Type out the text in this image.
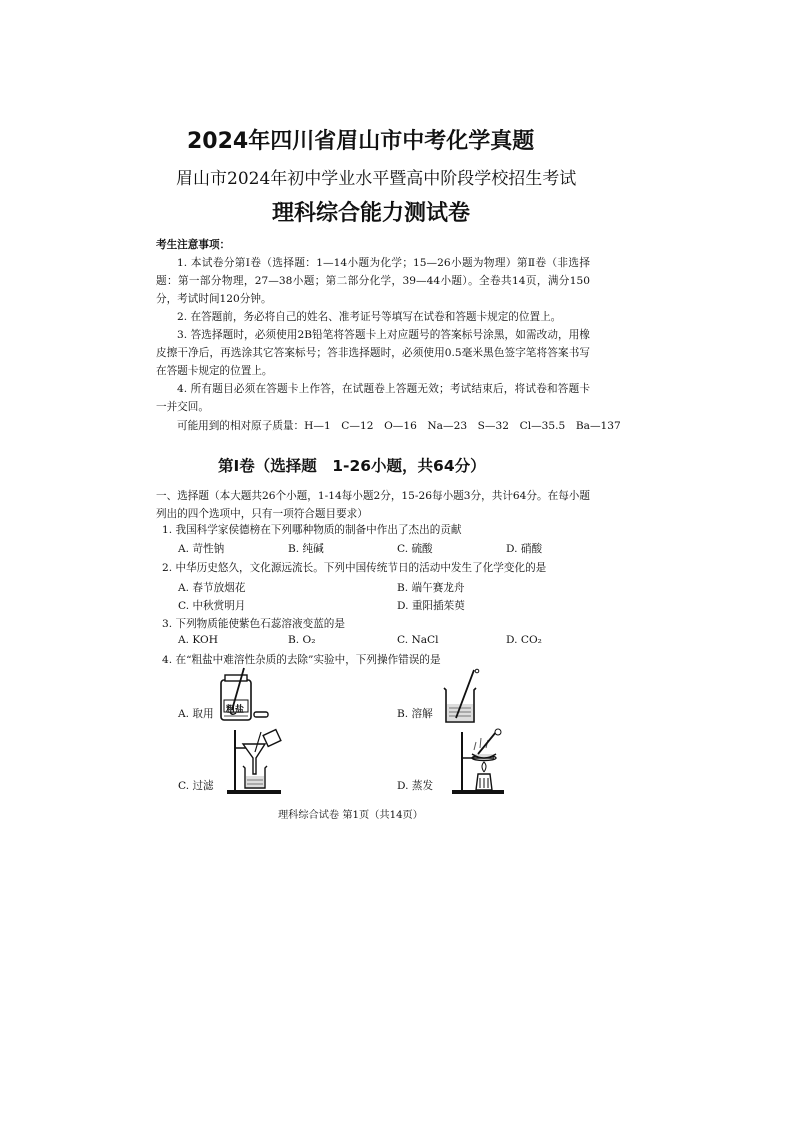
2024年四川省眉山市中考化学真题
眉山市2024年初中学业水平暨高中阶段学校招生考试
理科综合能力测试卷
考生注意事项：

1. 本试卷分第Ⅰ卷（选择题：1—14小题为化学；15—26小题为物理）第Ⅱ卷（非选择题：第一部分物理，27—38小题；第二部分化学，39—44小题）。全卷共14页，满分150分，考试时间120分钟。

2. 在答题前，务必将自己的姓名、准考证号等填写在试卷和答题卡规定的位置上。

3. 答选择题时，必须使用2B铅笔将答题卡上对应题号的答案标号涂黑，如需改动，用橡皮擦干净后，再选涂其它答案标号；答非选择题时，必须使用0.5毫米黑色签字笔将答案书写在答题卡规定的位置上。

4. 所有题目必须在答题卡上作答，在试题卷上答题无效；考试结束后，将试卷和答题卡一并交回。

可能用到的相对原子质量：H—1　C—12　O—16　Na—23　S—32　Cl—35.5　Ba—137
第Ⅰ卷（选择题　1-26小题，共64分）
一、选择题（本大题共26个小题，1-14每小题2分，15-26每小题3分，共计64分。在每小题列出的四个选项中，只有一项符合题目要求）
1. 我国科学家侯德榜在下列哪种物质的制备中作出了杰出的贡献
A. 苛性钠	B. 纯碱	C. 硫酸	D. 硝酸
2. 中华历史悠久，文化源远流长。下列中国传统节日的活动中发生了化学变化的是
A. 春节放烟花	B. 端午赛龙舟
C. 中秋赏明月	D. 重阳插茱萸
3. 下列物质能使紫色石蕊溶液变蓝的是
A. KOH	B. O₂	C. NaCl	D. CO₂
4. 在“粗盐中难溶性杂质的去除”实验中，下列操作错误的是
A. 取用	B. 溶解
C. 过滤	D. 蒸发
粗盐
理科综合试卷 第1页（共14页）
